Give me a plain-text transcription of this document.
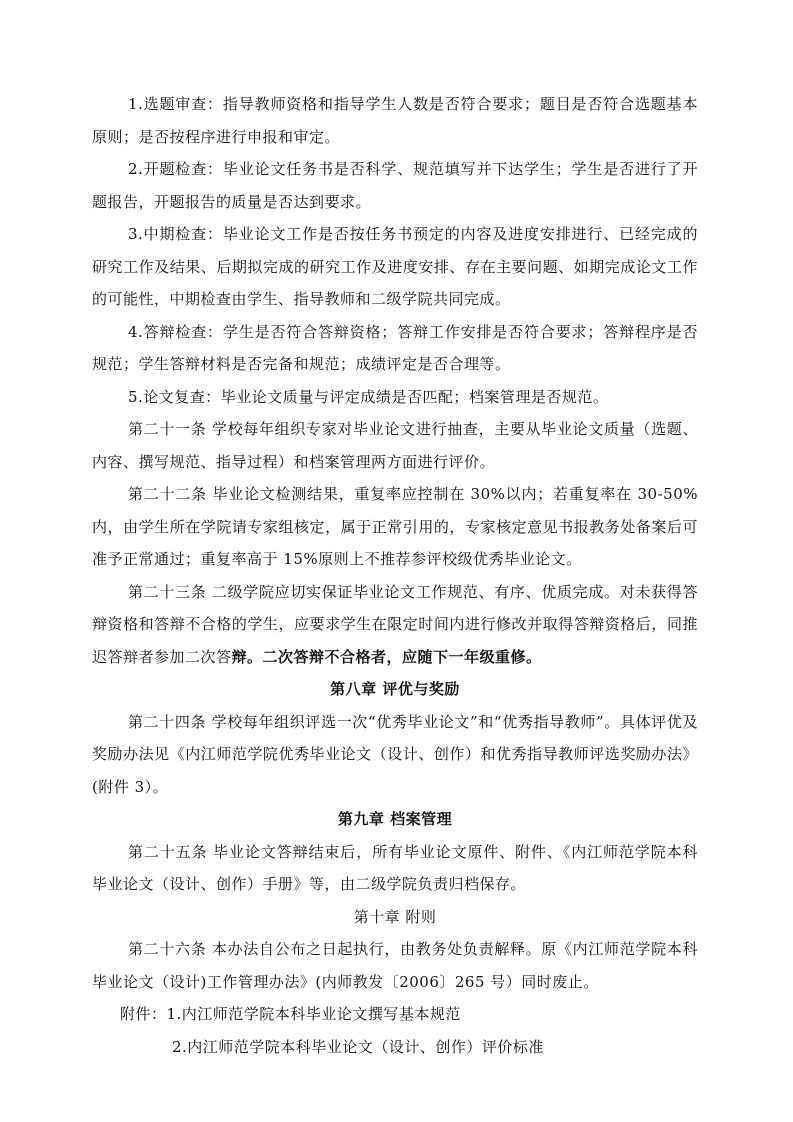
1.选题审查：指导教师资格和指导学生人数是否符合要求；题目是否符合选题基本原则；是否按程序进行申报和审定。

2.开题检查：毕业论文任务书是否科学、规范填写并下达学生；学生是否进行了开题报告，开题报告的质量是否达到要求。

3.中期检查：毕业论文工作是否按任务书预定的内容及进度安排进行、已经完成的研究工作及结果、后期拟完成的研究工作及进度安排、存在主要问题、如期完成论文工作的可能性，中期检查由学生、指导教师和二级学院共同完成。

4.答辩检查：学生是否符合答辩资格；答辩工作安排是否符合要求；答辩程序是否规范；学生答辩材料是否完备和规范；成绩评定是否合理等。

5.论文复查：毕业论文质量与评定成绩是否匹配；档案管理是否规范。

第二十一条 学校每年组织专家对毕业论文进行抽查，主要从毕业论文质量（选题、内容、撰写规范、指导过程）和档案管理两方面进行评价。

第二十二条 毕业论文检测结果，重复率应控制在 30%以内；若重复率在 30-50%内，由学生所在学院请专家组核定，属于正常引用的，专家核定意见书报教务处备案后可准予正常通过；重复率高于 15%原则上不推荐参评校级优秀毕业论文。

第二十三条 二级学院应切实保证毕业论文工作规范、有序、优质完成。对未获得答辩资格和答辩不合格的学生，应要求学生在限定时间内进行修改并取得答辩资格后，同推迟答辩者参加二次答辩。二次答辩不合格者，应随下一年级重修。

第八章 评优与奖励

第二十四条 学校每年组织评选一次“优秀毕业论文”和“优秀指导教师”。具体评优及奖励办法见《内江师范学院优秀毕业论文（设计、创作）和优秀指导教师评选奖励办法》(附件 3）。

第九章 档案管理

第二十五条 毕业论文答辩结束后，所有毕业论文原件、附件、《内江师范学院本科毕业论文（设计、创作）手册》等，由二级学院负责归档保存。

第十章 附则

第二十六条 本办法自公布之日起执行，由教务处负责解释。原《内江师范学院本科毕业论文（设计)工作管理办法》(内师教发〔2006〕265 号）同时废止。

附件：1.内江师范学院本科毕业论文撰写基本规范

2.内江师范学院本科毕业论文（设计、创作）评价标准
